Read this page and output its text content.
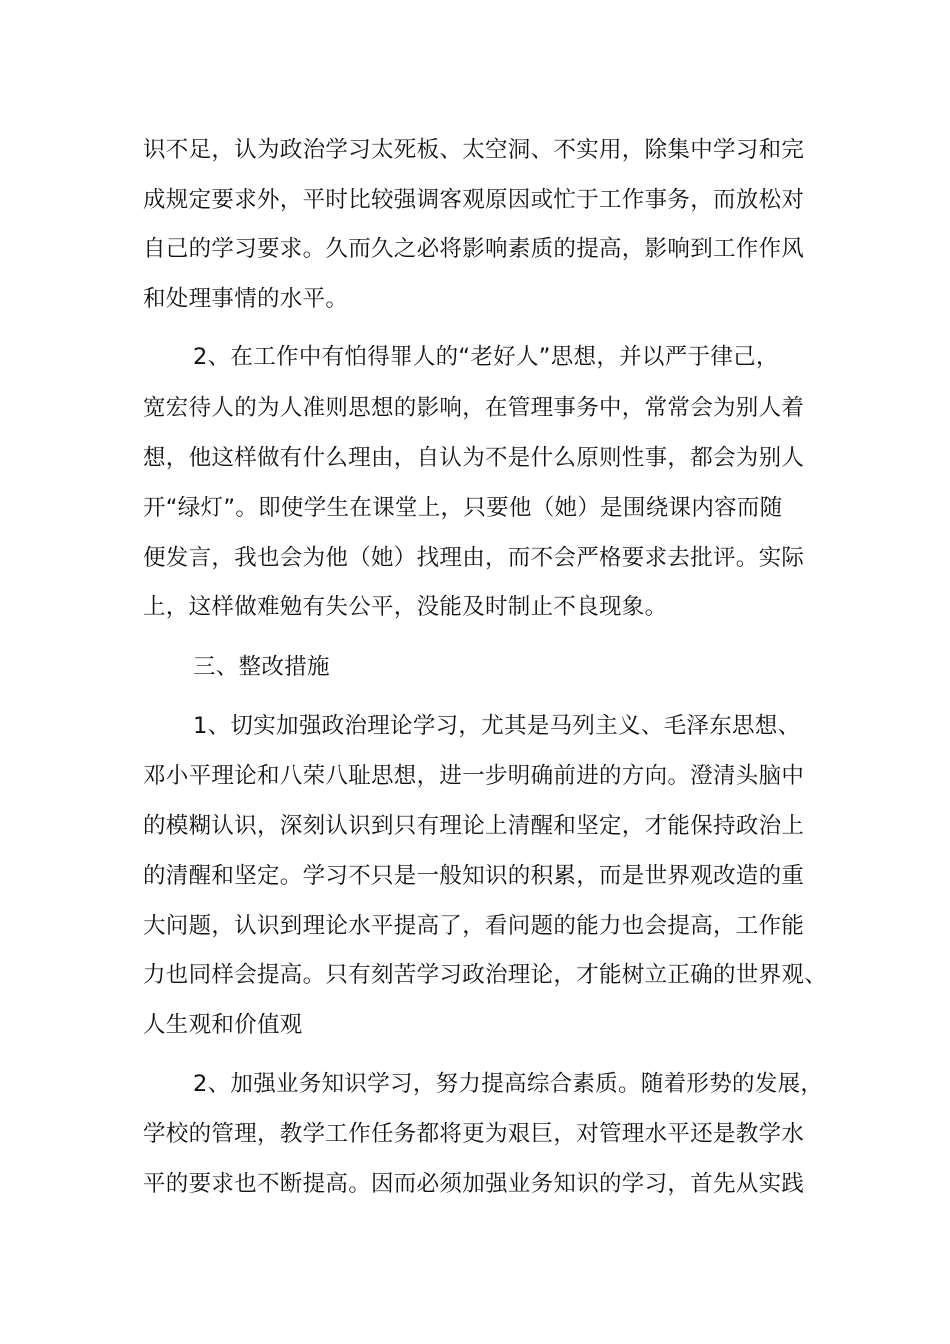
识不足，认为政治学习太死板、太空洞、不实用，除集中学习和完
成规定要求外，平时比较强调客观原因或忙于工作事务，而放松对
自己的学习要求。久而久之必将影响素质的提高，影响到工作作风
和处理事情的水平。
2、在工作中有怕得罪人的“老好人”思想，并以严于律己，
宽宏待人的为人准则思想的影响，在管理事务中，常常会为别人着
想，他这样做有什么理由，自认为不是什么原则性事，都会为别人
开“绿灯”。即使学生在课堂上，只要他（她）是围绕课内容而随
便发言，我也会为他（她）找理由，而不会严格要求去批评。实际
上，这样做难勉有失公平，没能及时制止不良现象。
三、整改措施
1、切实加强政治理论学习，尤其是马列主义、毛泽东思想、
邓小平理论和八荣八耻思想，进一步明确前进的方向。澄清头脑中
的模糊认识，深刻认识到只有理论上清醒和坚定，才能保持政治上
的清醒和坚定。学习不只是一般知识的积累，而是世界观改造的重
大问题，认识到理论水平提高了，看问题的能力也会提高，工作能
力也同样会提高。只有刻苦学习政治理论，才能树立正确的世界观、
人生观和价值观
2、加强业务知识学习，努力提高综合素质。随着形势的发展，
学校的管理，教学工作任务都将更为艰巨，对管理水平还是教学水
平的要求也不断提高。因而必须加强业务知识的学习，首先从实践
